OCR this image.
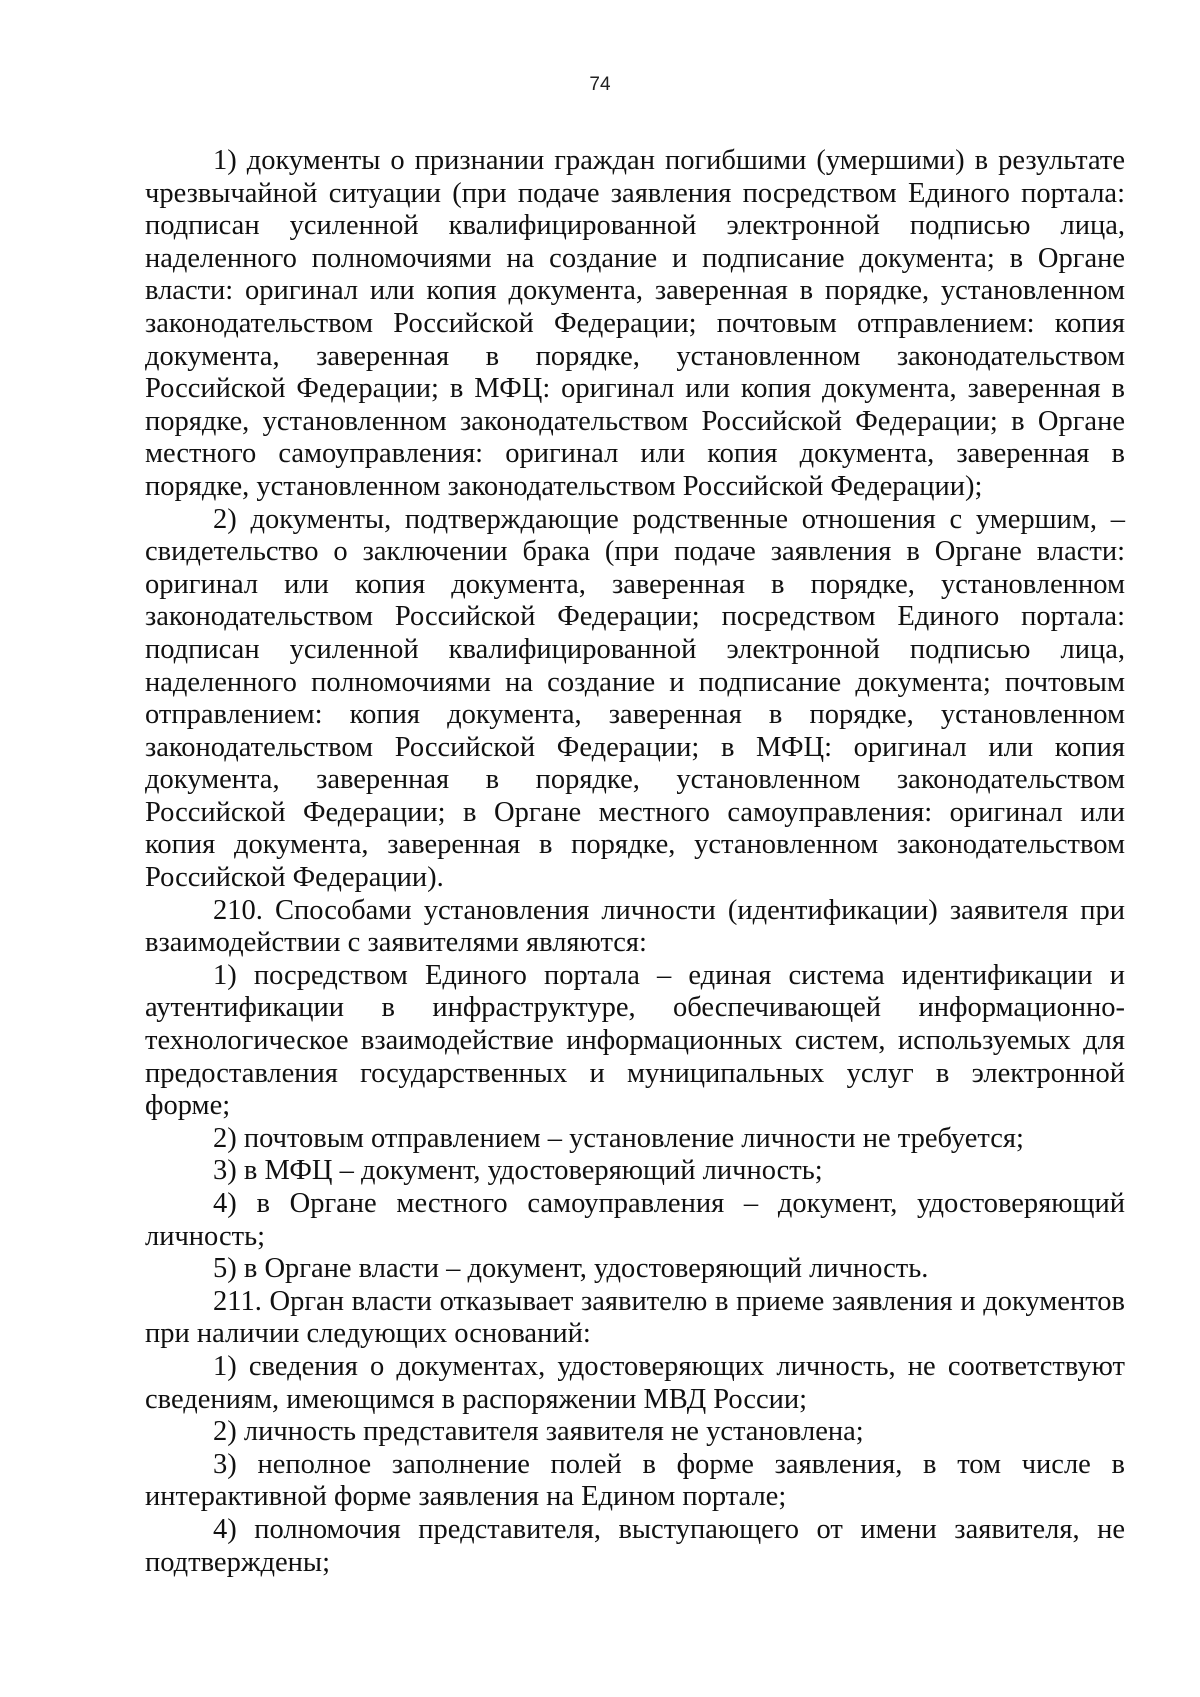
74

1) документы о признании граждан погибшими (умершими) в результате чрезвычайной ситуации (при подаче заявления посредством Единого портала: подписан усиленной квалифицированной электронной подписью лица, наделенного полномочиями на создание и подписание документа; в Органе власти: оригинал или копия документа, заверенная в порядке, установленном законодательством Российской Федерации; почтовым отправлением: копия документа, заверенная в порядке, установленном законодательством Российской Федерации; в МФЦ: оригинал или копия документа, заверенная в порядке, установленном законодательством Российской Федерации; в Органе местного самоуправления: оригинал или копия документа, заверенная в порядке, установленном законодательством Российской Федерации);

2) документы, подтверждающие родственные отношения с умершим, – свидетельство о заключении брака (при подаче заявления в Органе власти: оригинал или копия документа, заверенная в порядке, установленном законодательством Российской Федерации; посредством Единого портала: подписан усиленной квалифицированной электронной подписью лица, наделенного полномочиями на создание и подписание документа; почтовым отправлением: копия документа, заверенная в порядке, установленном законодательством Российской Федерации; в МФЦ: оригинал или копия документа, заверенная в порядке, установленном законодательством Российской Федерации; в Органе местного самоуправления: оригинал или копия документа, заверенная в порядке, установленном законодательством Российской Федерации).

210. Способами установления личности (идентификации) заявителя при взаимодействии с заявителями являются:

1) посредством Единого портала – единая система идентификации и аутентификации в инфраструктуре, обеспечивающей информационно-технологическое взаимодействие информационных систем, используемых для предоставления государственных и муниципальных услуг в электронной форме;

2) почтовым отправлением – установление личности не требуется;

3) в МФЦ – документ, удостоверяющий личность;

4) в Органе местного самоуправления – документ, удостоверяющий личность;

5) в Органе власти – документ, удостоверяющий личность.

211. Орган власти отказывает заявителю в приеме заявления и документов при наличии следующих оснований:

1) сведения о документах, удостоверяющих личность, не соответствуют сведениям, имеющимся в распоряжении МВД России;

2) личность представителя заявителя не установлена;

3) неполное заполнение полей в форме заявления, в том числе в интерактивной форме заявления на Едином портале;

4) полномочия представителя, выступающего от имени заявителя, не подтверждены;
